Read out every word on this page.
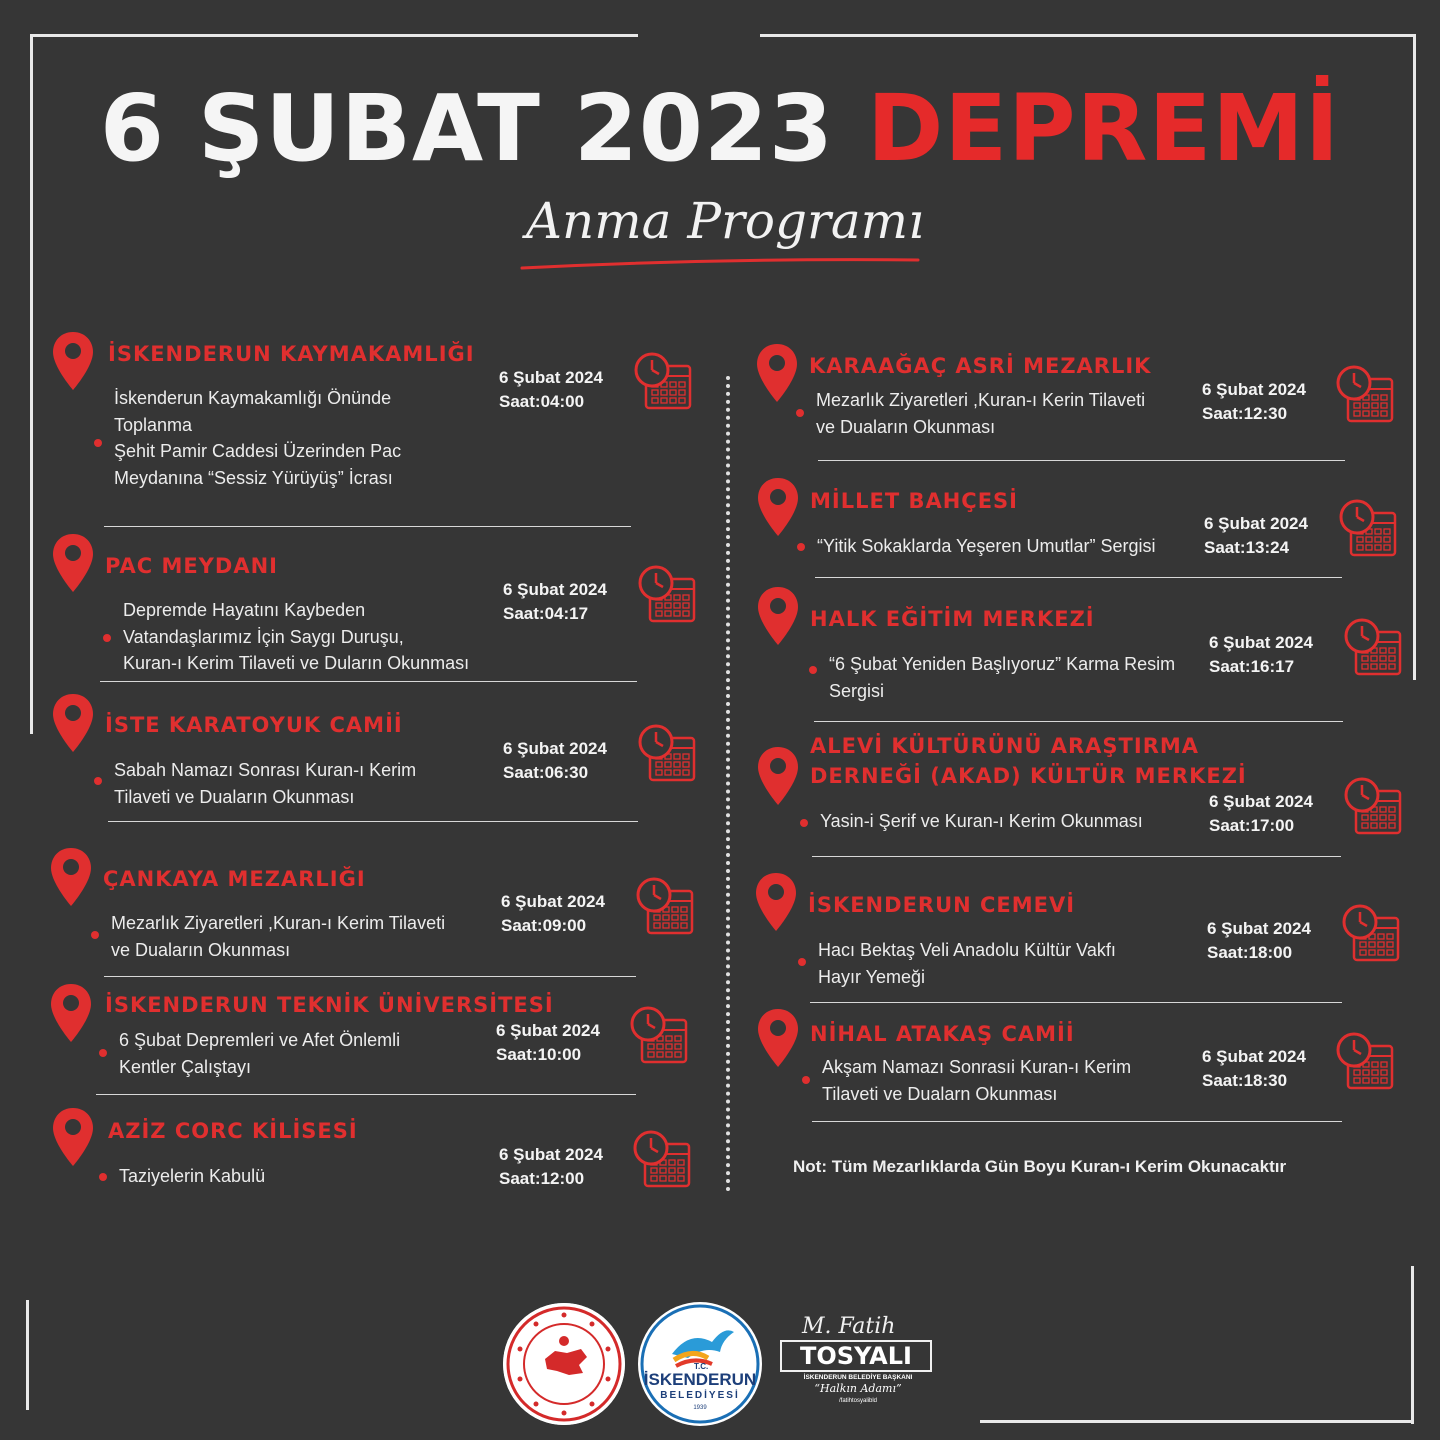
6 ŞUBAT 2023 DEPREMİ
Anma Programı
İSKENDERUN KAYMAKAMLIĞI
İskenderun Kaymakamlığı Önünde
Toplanma
Şehit Pamir Caddesi Üzerinden Pac
Meydanına “Sessiz Yürüyüş” İcrası
6 Şubat 2024
Saat:04:00
PAC MEYDANI
Depremde Hayatını Kaybeden
Vatandaşlarımız İçin Saygı Duruşu,
Kuran-ı Kerim Tilaveti ve Duların Okunması
6 Şubat 2024
Saat:04:17
İSTE KARATOYUK CAMİİ
Sabah Namazı Sonrası Kuran-ı Kerim
Tilaveti ve Duaların Okunması
6 Şubat 2024
Saat:06:30
ÇANKAYA MEZARLIĞI
Mezarlık Ziyaretleri ,Kuran-ı Kerim Tilaveti
ve Duaların Okunması
6 Şubat 2024
Saat:09:00
İSKENDERUN TEKNİK ÜNİVERSİTESİ
6 Şubat Depremleri ve Afet Önlemli
Kentler Çalıştayı
6 Şubat 2024
Saat:10:00
AZİZ CORC KİLİSESİ
Taziyelerin Kabulü
6 Şubat 2024
Saat:12:00
KARAAĞAÇ ASRİ MEZARLIK
Mezarlık Ziyaretleri ,Kuran-ı Kerin Tilaveti
ve Duaların Okunması
6 Şubat 2024
Saat:12:30
MİLLET BAHÇESİ
“Yitik Sokaklarda Yeşeren Umutlar” Sergisi
6 Şubat 2024
Saat:13:24
HALK EĞİTİM MERKEZİ
“6 Şubat Yeniden Başlıyoruz” Karma Resim
Sergisi
6 Şubat 2024
Saat:16:17
ALEVİ KÜLTÜRÜNÜ ARAŞTIRMA
DERNEĞİ (AKAD) KÜLTÜR MERKEZİ
Yasin-i Şerif ve Kuran-ı Kerim Okunması
6 Şubat 2024
Saat:17:00
İSKENDERUN CEMEVİ
Hacı Bektaş Veli Anadolu Kültür Vakfı
Hayır Yemeği
6 Şubat 2024
Saat:18:00
NİHAL ATAKAŞ CAMİİ
Akşam Namazı Sonrasıi Kuran-ı Kerim
Tilaveti ve Dualarn Okunması
6 Şubat 2024
Saat:18:30
Not: Tüm Mezarlıklarda Gün Boyu Kuran-ı Kerim Okunacaktır
T.C.
İSKENDERUN
BELEDİYESİ
1939
M. Fatih
TOSYALI
İSKENDERUN BELEDİYE BAŞKANI
“Halkın Adamı”
/fatihtosyalibld
